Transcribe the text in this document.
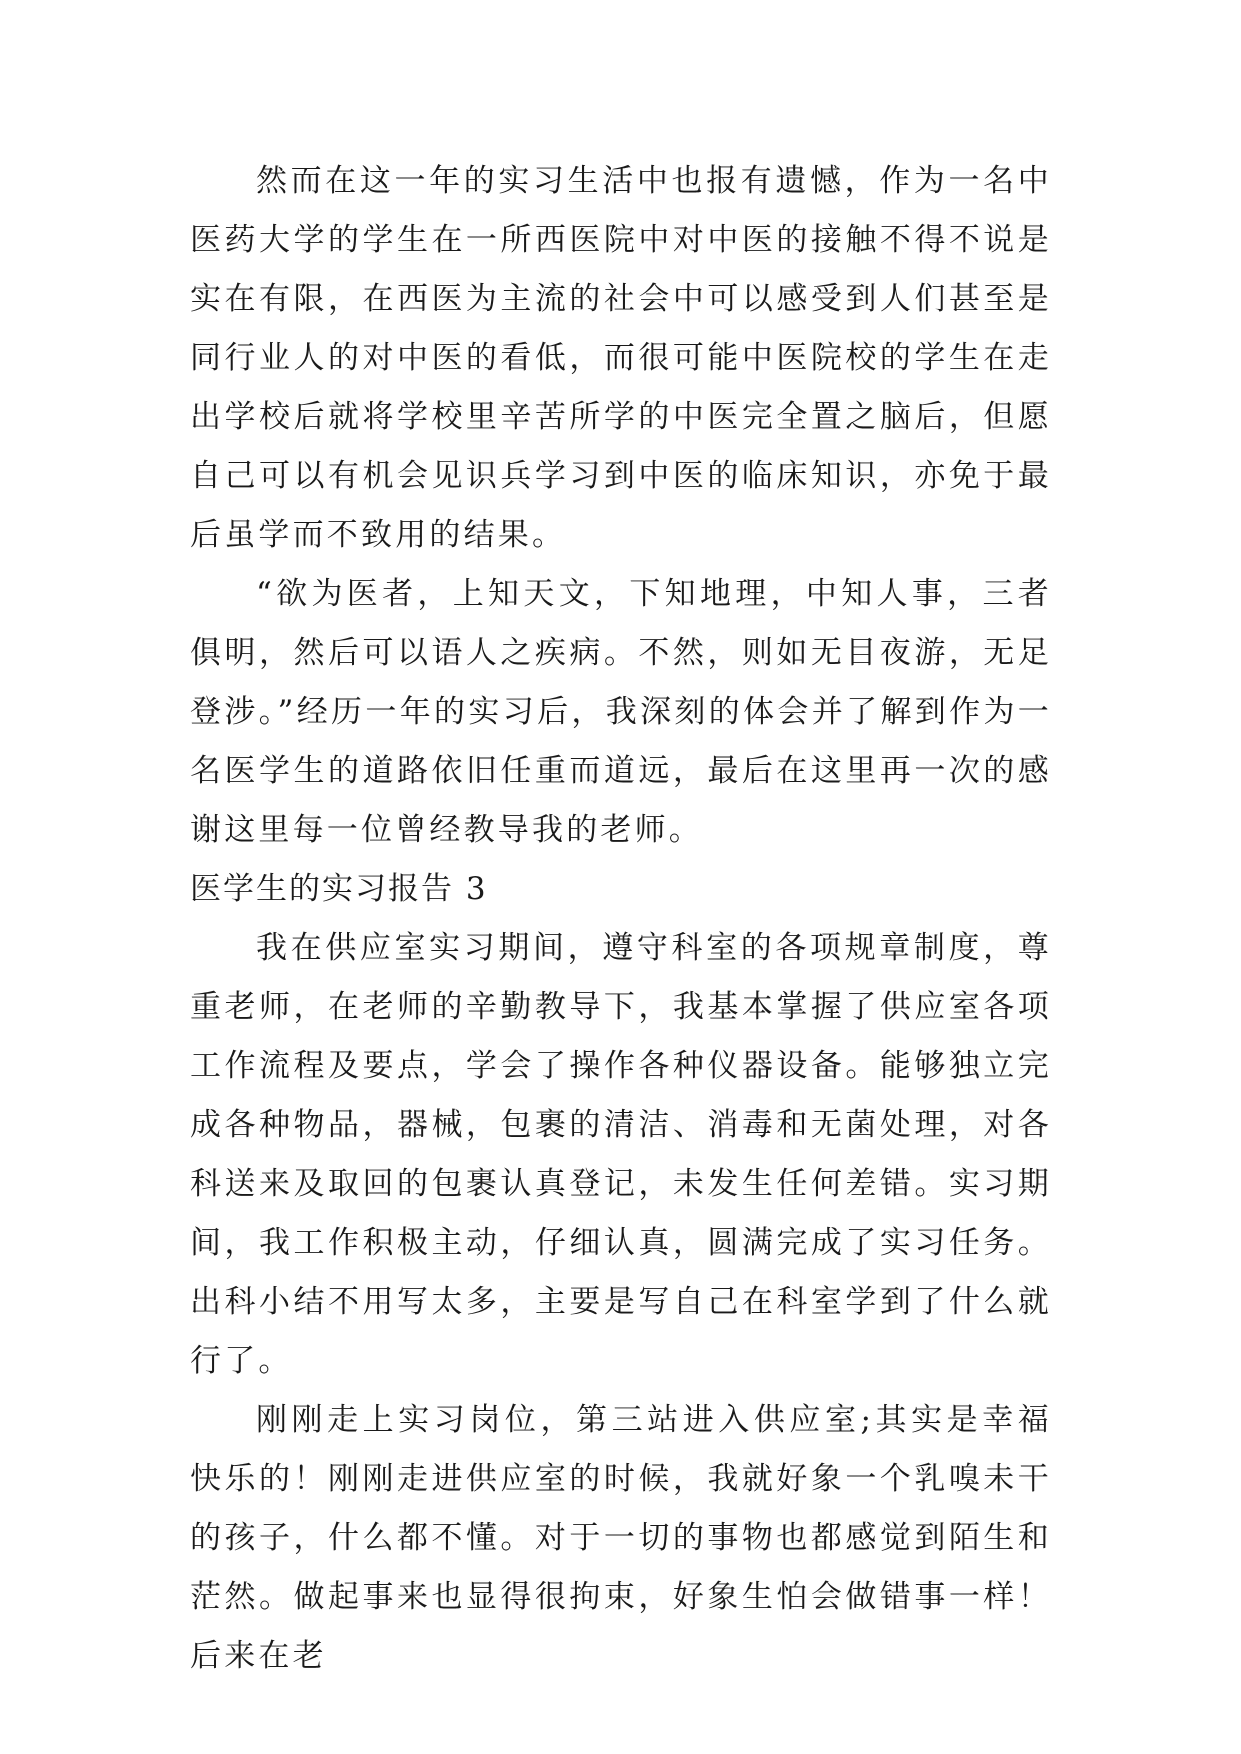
然而在这一年的实习生活中也报有遗憾，作为一名中医药大学的学生在一所西医院中对中医的接触不得不说是实在有限，在西医为主流的社会中可以感受到人们甚至是同行业人的对中医的看低，而很可能中医院校的学生在走出学校后就将学校里辛苦所学的中医完全置之脑后，但愿自己可以有机会见识兵学习到中医的临床知识，亦免于最后虽学而不致用的结果。

“欲为医者，上知天文，下知地理，中知人事，三者俱明，然后可以语人之疾病。不然，则如无目夜游，无足登涉。”经历一年的实习后，我深刻的体会并了解到作为一名医学生的道路依旧任重而道远，最后在这里再一次的感谢这里每一位曾经教导我的老师。

医学生的实习报告 3

我在供应室实习期间，遵守科室的各项规章制度，尊重老师，在老师的辛勤教导下，我基本掌握了供应室各项工作流程及要点，学会了操作各种仪器设备。能够独立完成各种物品，器械，包裹的清洁、消毒和无菌处理，对各科送来及取回的包裹认真登记，未发生任何差错。实习期间，我工作积极主动，仔细认真，圆满完成了实习任务。出科小结不用写太多，主要是写自己在科室学到了什么就行了。

刚刚走上实习岗位，第三站进入供应室;其实是幸福快乐的！刚刚走进供应室的时候，我就好象一个乳嗅未干的孩子，什么都不懂。对于一切的事物也都感觉到陌生和茫然。做起事来也显得很拘束，好象生怕会做错事一样！后来在老
